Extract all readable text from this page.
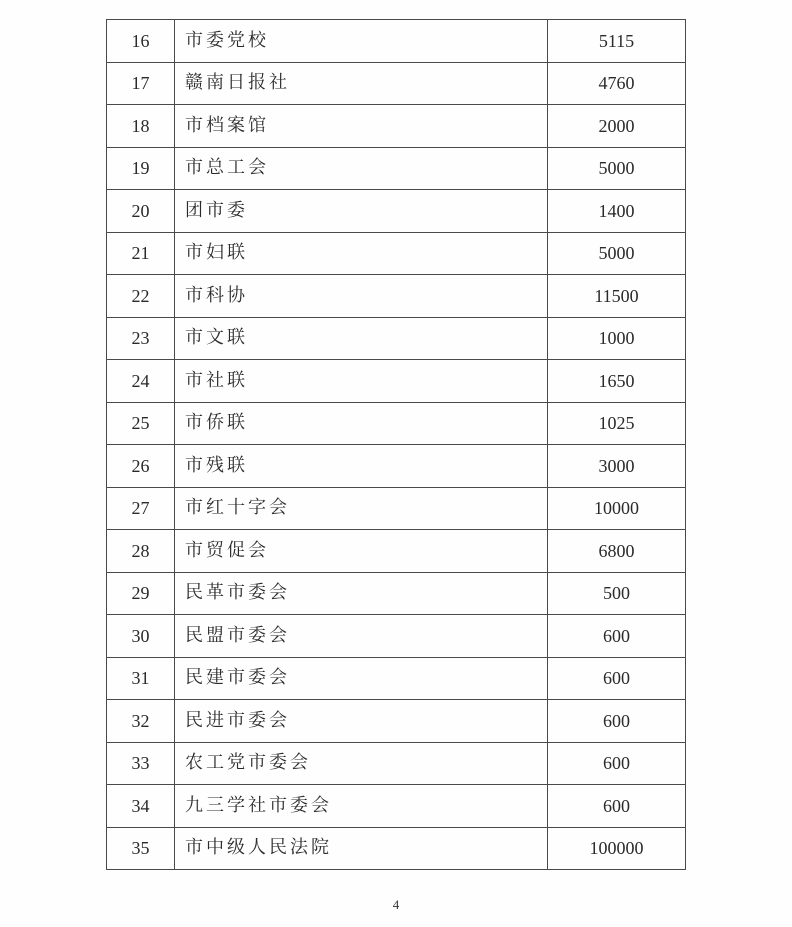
16	市委党校	5115
17	赣南日报社	4760
18	市档案馆	2000
19	市总工会	5000
20	团市委	1400
21	市妇联	5000
22	市科协	11500
23	市文联	1000
24	市社联	1650
25	市侨联	1025
26	市残联	3000
27	市红十字会	10000
28	市贸促会	6800
29	民革市委会	500
30	民盟市委会	600
31	民建市委会	600
32	民进市委会	600
33	农工党市委会	600
34	九三学社市委会	600
35	市中级人民法院	100000
4
